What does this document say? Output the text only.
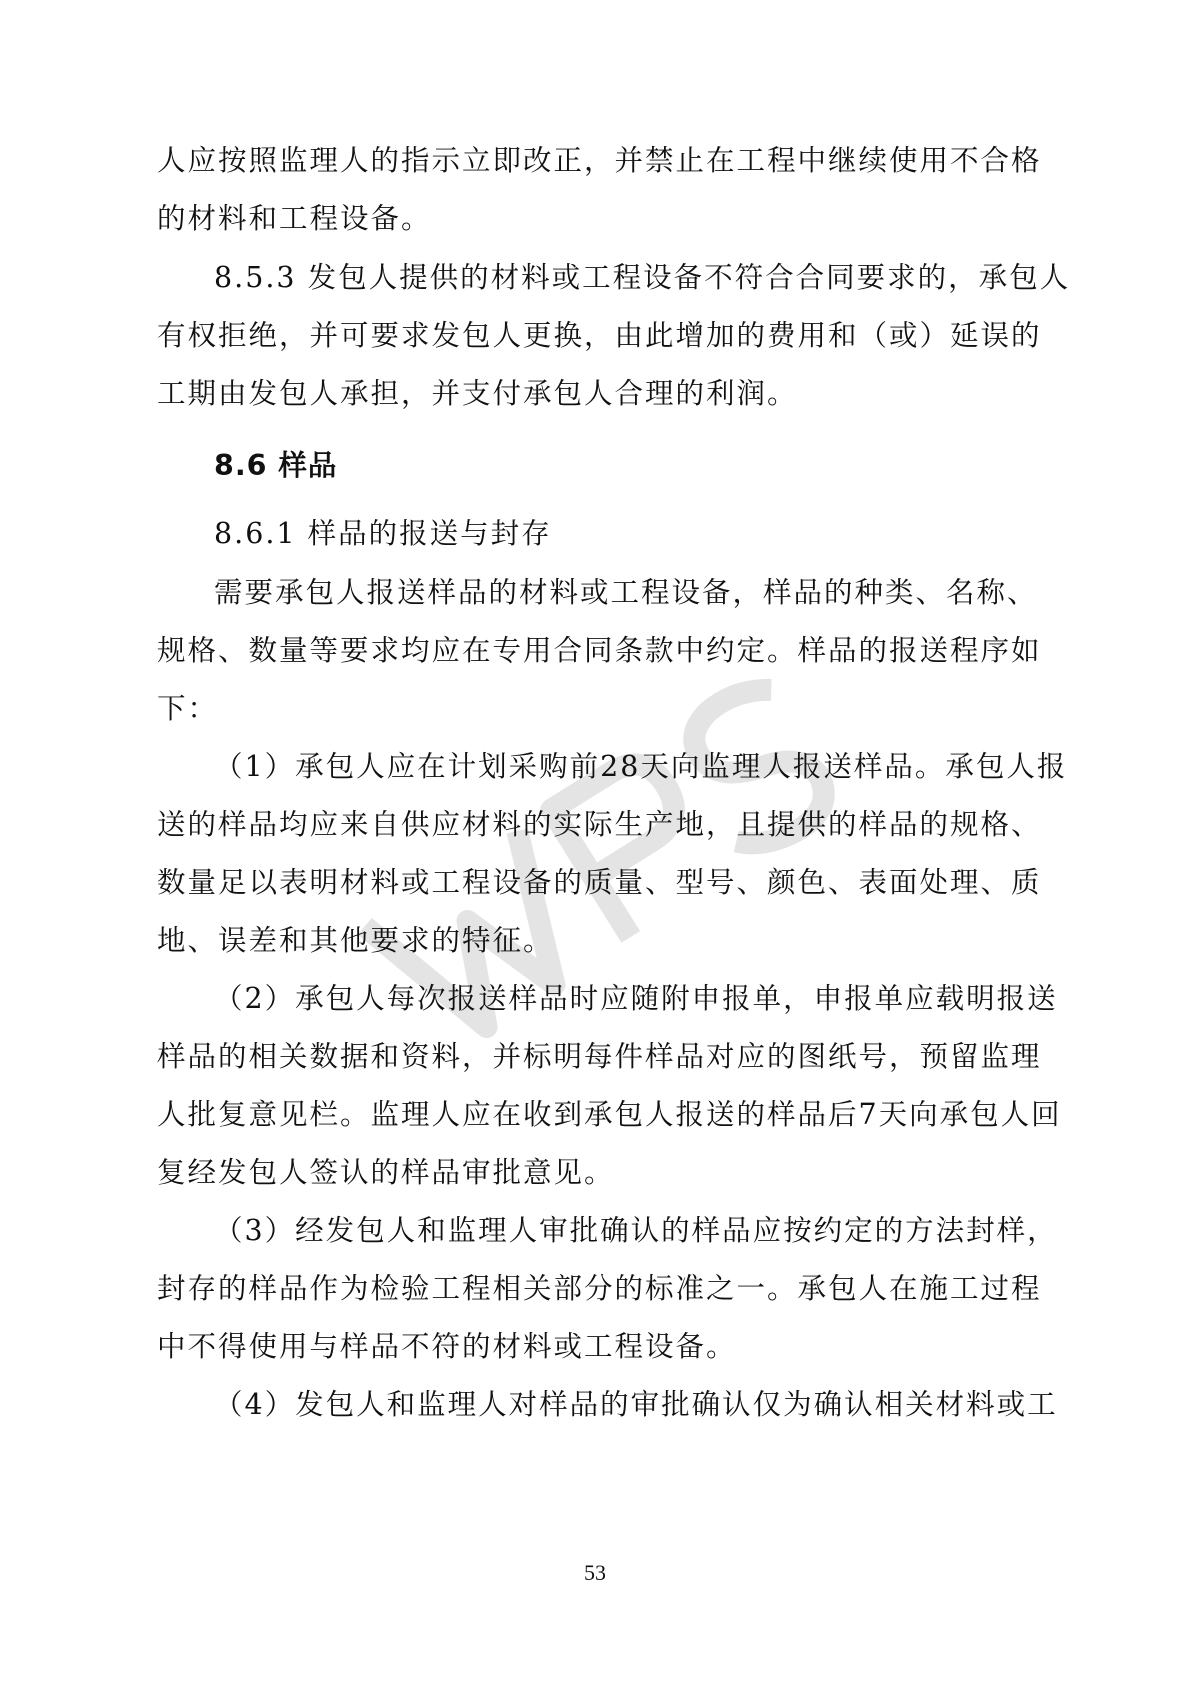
人应按照监理人的指示立即改正，并禁止在工程中继续使用不合格
的材料和工程设备。
8.5.3 发包人提供的材料或工程设备不符合合同要求的，承包人
有权拒绝，并可要求发包人更换，由此增加的费用和（或）延误的
工期由发包人承担，并支付承包人合理的利润。
8.6 样品
8.6.1 样品的报送与封存
需要承包人报送样品的材料或工程设备，样品的种类、名称、
规格、数量等要求均应在专用合同条款中约定。样品的报送程序如
下：
（1）承包人应在计划采购前28天向监理人报送样品。承包人报
送的样品均应来自供应材料的实际生产地，且提供的样品的规格、
数量足以表明材料或工程设备的质量、型号、颜色、表面处理、质
地、误差和其他要求的特征。
（2）承包人每次报送样品时应随附申报单，申报单应载明报送
样品的相关数据和资料，并标明每件样品对应的图纸号，预留监理
人批复意见栏。监理人应在收到承包人报送的样品后7天向承包人回
复经发包人签认的样品审批意见。
（3）经发包人和监理人审批确认的样品应按约定的方法封样，
封存的样品作为检验工程相关部分的标准之一。承包人在施工过程
中不得使用与样品不符的材料或工程设备。
（4）发包人和监理人对样品的审批确认仅为确认相关材料或工
53
